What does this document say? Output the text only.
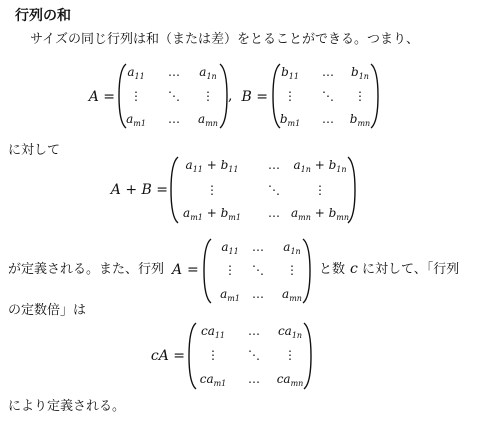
行列の和
サイズの同じ行列は和（または差）をとることができる。つまり、
A =
$a_{11}$ … $a_{1n}$
⋮ ⋱ ⋮
$a_{m1}$ … $a_{mn}$
, B =
$b_{11}$ … $b_{1n}$
⋮ ⋱ ⋮
$b_{m1}$ … $b_{mn}$
に対して
A + B =
$a_{11} + b_{11}$ … $a_{1n} + b_{1n}$
⋮	⋱	⋮
$a_{m1} + b_{m1}$ … $a_{mn} + b_{mn}$
が定義される。また、行列 A =
$a_{11}$ … $a_{1n}$
⋮ ⋱ ⋮
$a_{m1}$ … $a_{mn}$
と数 c に対して、「行列
の定数倍」は
cA =
$ca_{11}$ … $ca_{1n}$
⋮ ⋱ ⋮
$ca_{m1}$ … $ca_{mn}$
により定義される。
